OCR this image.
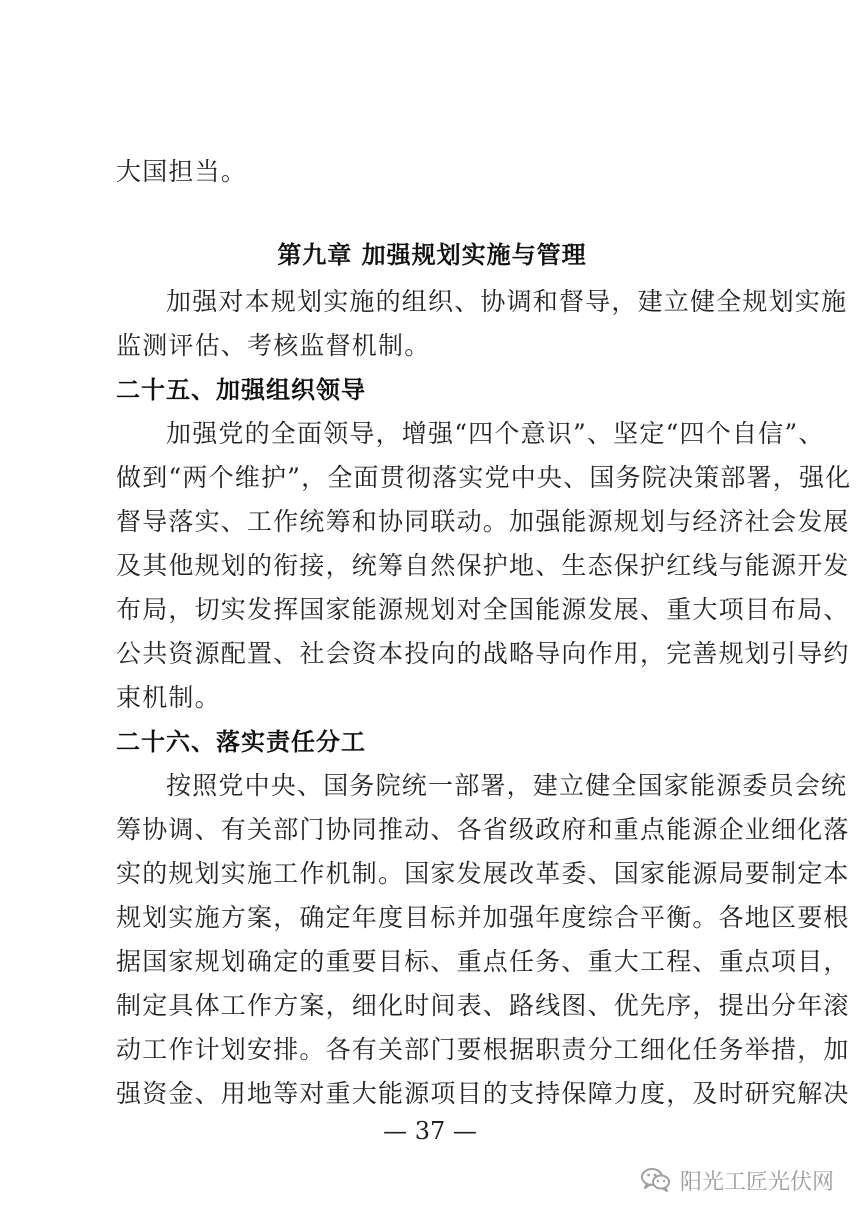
大国担当。
第九章 加强规划实施与管理
加强对本规划实施的组织、协调和督导，建立健全规划实施
监测评估、考核监督机制。
二十五、加强组织领导
加强党的全面领导，增强“四个意识”、坚定“四个自信”、
做到“两个维护”，全面贯彻落实党中央、国务院决策部署，强化
督导落实、工作统筹和协同联动。加强能源规划与经济社会发展
及其他规划的衔接，统筹自然保护地、生态保护红线与能源开发
布局，切实发挥国家能源规划对全国能源发展、重大项目布局、
公共资源配置、社会资本投向的战略导向作用，完善规划引导约
束机制。
二十六、落实责任分工
按照党中央、国务院统一部署，建立健全国家能源委员会统
筹协调、有关部门协同推动、各省级政府和重点能源企业细化落
实的规划实施工作机制。国家发展改革委、国家能源局要制定本
规划实施方案，确定年度目标并加强年度综合平衡。各地区要根
据国家规划确定的重要目标、重点任务、重大工程、重点项目，
制定具体工作方案，细化时间表、路线图、优先序，提出分年滚
动工作计划安排。各有关部门要根据职责分工细化任务举措，加
强资金、用地等对重大能源项目的支持保障力度，及时研究解决
— 37 —
阳光工匠光伏网
